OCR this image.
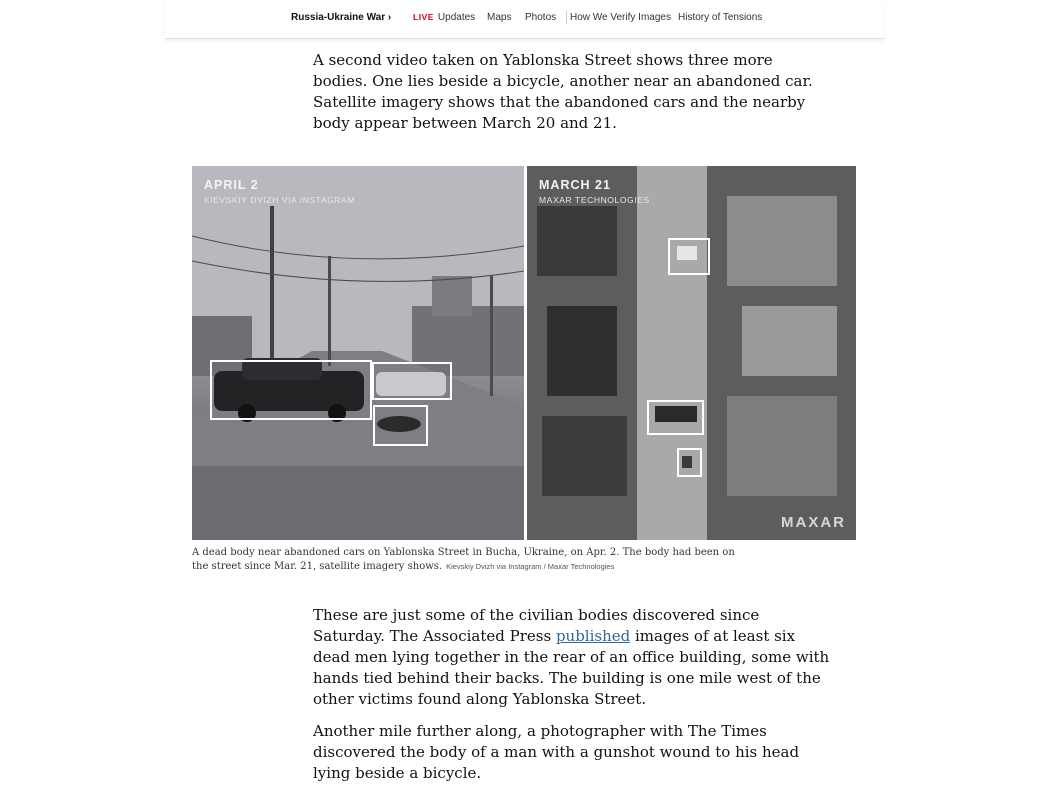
Russia-Ukraine War ›	LIVE Updates Maps Photos How We Verify Images History of Tensions

A second video taken on Yablonska Street shows three more
bodies. One lies beside a bicycle, another near an abandoned car.
Satellite imagery shows that the abandoned cars and the nearby
body appear between March 20 and 21.

APRIL 2
KIEVSKIY DVIZH VIA INSTAGRAM
MARCH 21
MAXAR TECHNOLOGIES
MAXAR
A dead body near abandoned cars on Yablonska Street in Bucha, Ukraine, on Apr. 2. The body had been on
the street since Mar. 21, satellite imagery shows. Kievskiy Dvizh via Instagram / Maxar Technologies

These are just some of the civilian bodies discovered since
Saturday. The Associated Press published images of at least six
dead men lying together in the rear of an office building, some with
hands tied behind their backs. The building is one mile west of the
other victims found along Yablonska Street.

Another mile further along, a photographer with The Times
discovered the body of a man with a gunshot wound to his head
lying beside a bicycle.
